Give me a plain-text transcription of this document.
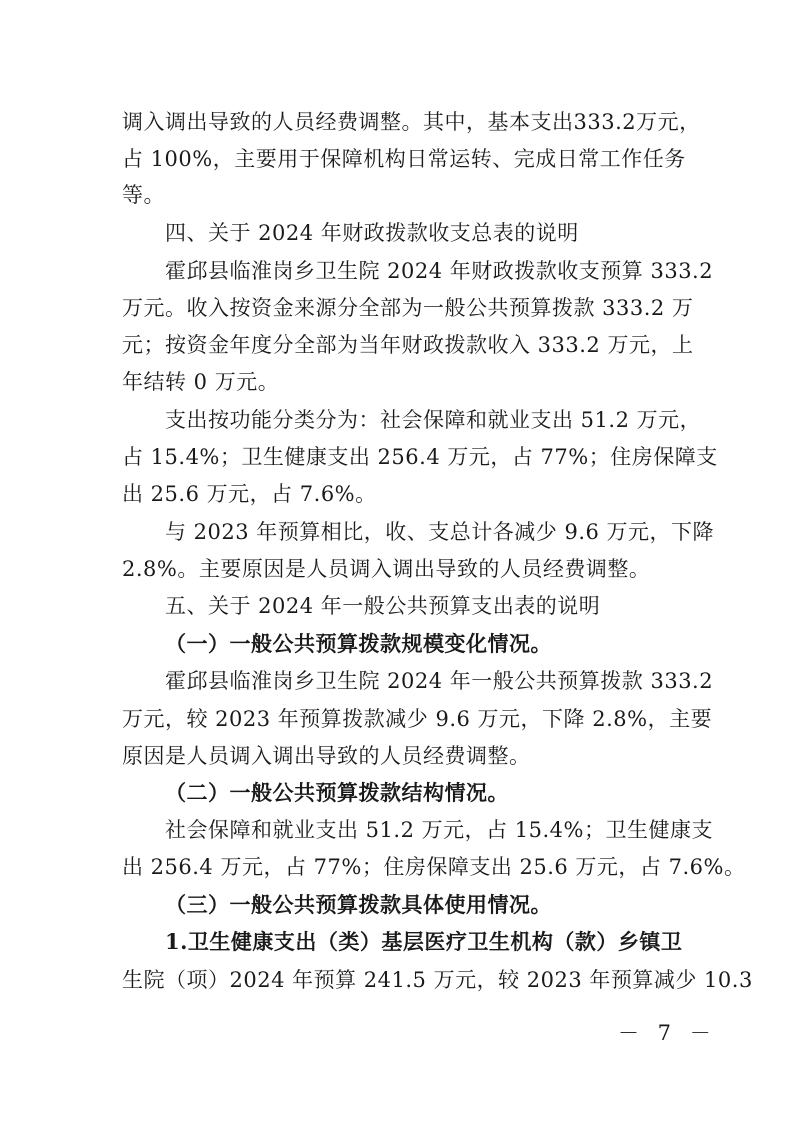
调入调出导致的人员经费调整。其中，基本支出333.2万元，
占 100%，主要用于保障机构日常运转、完成日常工作任务
等。
四、关于 2024 年财政拨款收支总表的说明
霍邱县临淮岗乡卫生院 2024 年财政拨款收支预算 333.2
万元。收入按资金来源分全部为一般公共预算拨款 333.2 万
元；按资金年度分全部为当年财政拨款收入 333.2 万元，上
年结转 0 万元。
支出按功能分类分为：社会保障和就业支出 51.2 万元，
占 15.4%；卫生健康支出 256.4 万元，占 77%；住房保障支
出 25.6 万元，占 7.6%。
与 2023 年预算相比，收、支总计各减少 9.6 万元，下降
2.8%。主要原因是人员调入调出导致的人员经费调整。
五、关于 2024 年一般公共预算支出表的说明
（一）一般公共预算拨款规模变化情况。
霍邱县临淮岗乡卫生院 2024 年一般公共预算拨款 333.2
万元，较 2023 年预算拨款减少 9.6 万元，下降 2.8%，主要
原因是人员调入调出导致的人员经费调整。
（二）一般公共预算拨款结构情况。
社会保障和就业支出 51.2 万元，占 15.4%；卫生健康支
出 256.4 万元，占 77%；住房保障支出 25.6 万元，占 7.6%。
（三）一般公共预算拨款具体使用情况。
1.卫生健康支出（类）基层医疗卫生机构（款）乡镇卫
生院（项）2024 年预算 241.5 万元，较 2023 年预算减少 10.3
－ 7 －
